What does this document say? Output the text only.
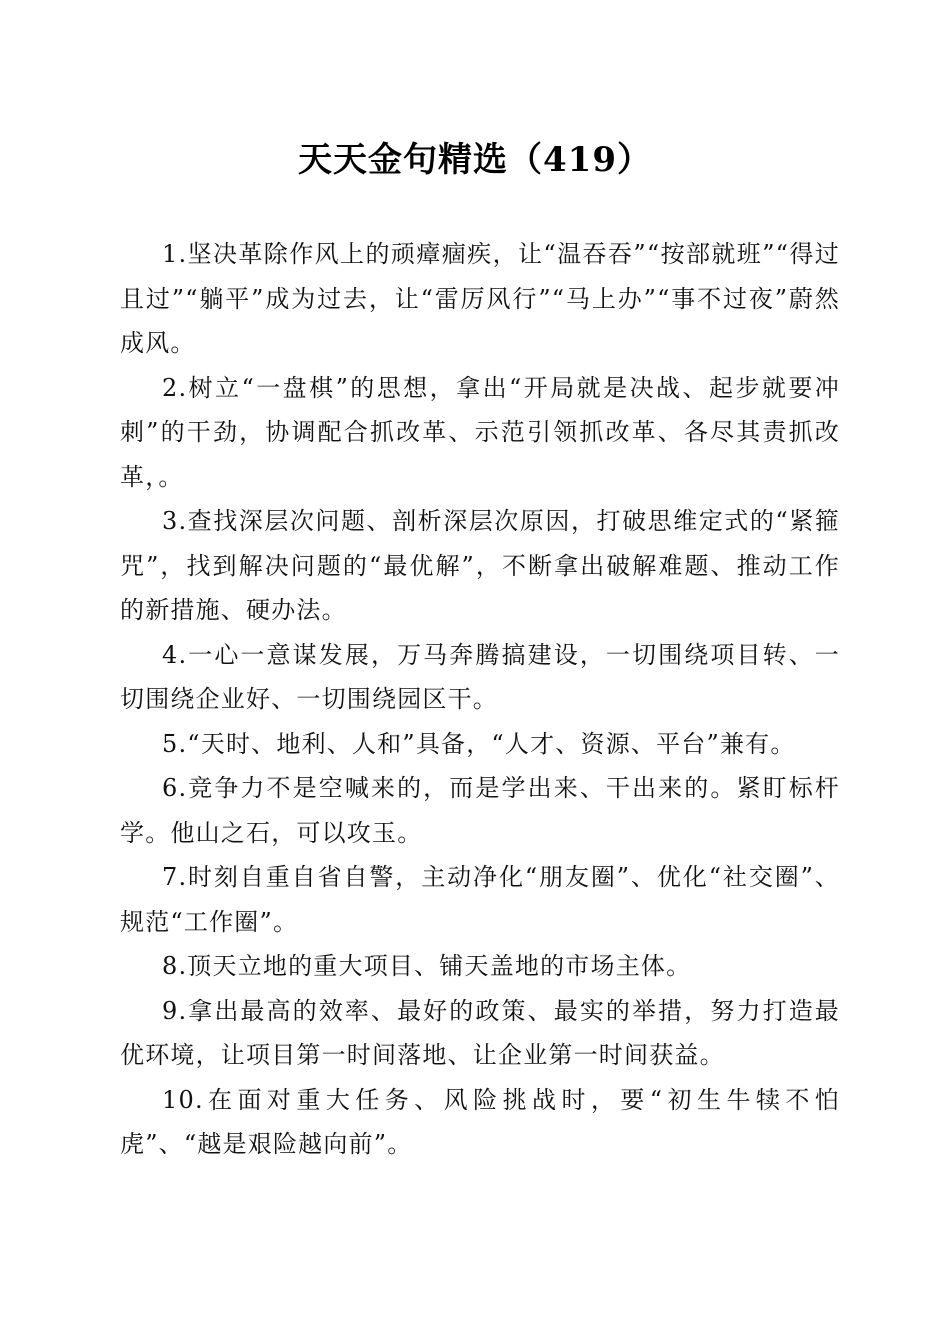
天天金句精选（419）

1.坚决革除作风上的顽瘴痼疾，让“温吞吞”“按部就班”“得过且过”“躺平”成为过去，让“雷厉风行”“马上办”“事不过夜”蔚然成风。

2.树立“一盘棋”的思想，拿出“开局就是决战、起步就要冲刺”的干劲，协调配合抓改革、示范引领抓改革、各尽其责抓改革，。

3.查找深层次问题、剖析深层次原因，打破思维定式的“紧箍咒”，找到解决问题的“最优解”，不断拿出破解难题、推动工作的新措施、硬办法。

4.一心一意谋发展，万马奔腾搞建设，一切围绕项目转、一切围绕企业好、一切围绕园区干。

5.“天时、地利、人和”具备，“人才、资源、平台”兼有。

6.竞争力不是空喊来的，而是学出来、干出来的。紧盯标杆学。他山之石，可以攻玉。

7.时刻自重自省自警，主动净化“朋友圈”、优化“社交圈”、规范“工作圈”。

8.顶天立地的重大项目、铺天盖地的市场主体。

9.拿出最高的效率、最好的政策、最实的举措，努力打造最优环境，让项目第一时间落地、让企业第一时间获益。

10.在面对重大任务、风险挑战时，要“初生牛犊不怕虎”、“越是艰险越向前”。
